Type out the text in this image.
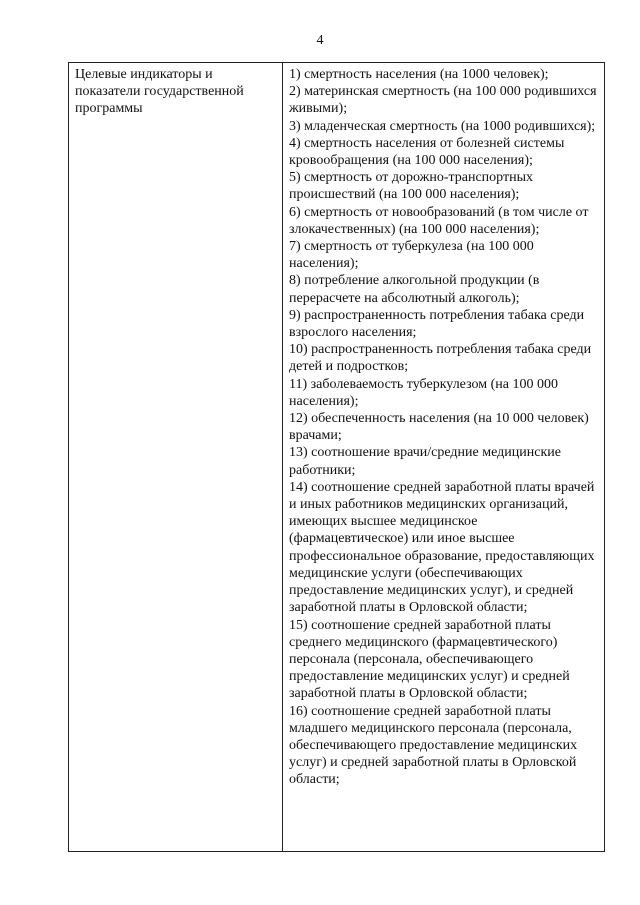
4
Целевые индикаторы и показатели государственной программы

1) смертность населения (на 1000 человек);

2) материнская смертность (на 100 000 родившихся живыми);

3) младенческая смертность (на 1000 родившихся);

4) смертность населения от болезней системы кровообращения (на 100 000 населения);

5) смертность от дорожно-транспортных происшествий (на 100 000 населения);

6) смертность от новообразований (в том числе от злокачественных) (на 100 000 населения);

7) смертность от туберкулеза (на 100 000 населения);

8) потребление алкогольной продукции (в перерасчете на абсолютный алкоголь);

9) распространенность потребления табака среди взрослого населения;

10) распространенность потребления табака среди детей и подростков;

11) заболеваемость туберкулезом (на 100 000 населения);

12) обеспеченность населения (на 10 000 человек) врачами;

13) соотношение врачи/средние медицинские работники;

14) соотношение средней заработной платы врачей и иных работников медицинских организаций, имеющих высшее медицинское (фармацевтическое) или иное высшее профессиональное образование, предоставляющих медицинские услуги (обеспечивающих предоставление медицинских услуг), и средней заработной платы в Орловской области;

15) соотношение средней заработной платы среднего медицинского (фармацевтического) персонала (персонала, обеспечивающего предоставление медицинских услуг) и средней заработной платы в Орловской области;

16) соотношение средней заработной платы младшего медицинского персонала (персонала, обеспечивающего предоставление медицинских услуг) и средней заработной платы в Орловской области;
